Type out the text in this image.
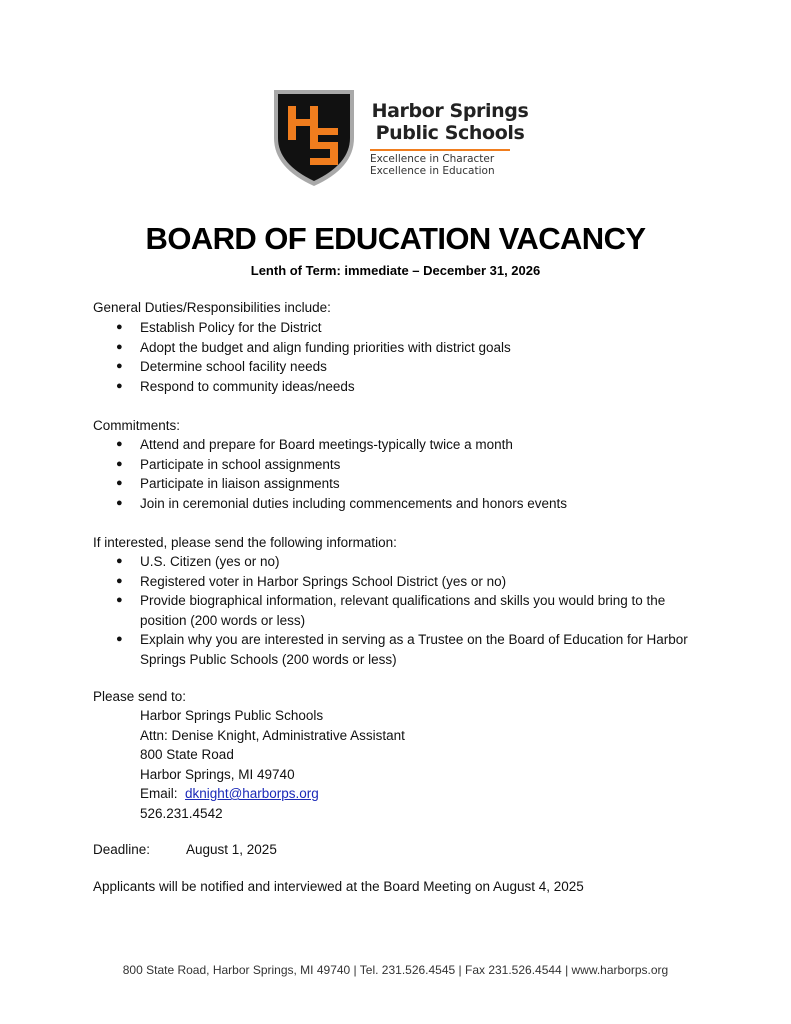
Harbor Springs
Public Schools
Excellence in Character
Excellence in Education
BOARD OF EDUCATION VACANCY
Lenth of Term: immediate – December 31, 2026
General Duties/Responsibilities include:
● Establish Policy for the District
● Adopt the budget and align funding priorities with district goals
● Determine school facility needs
● Respond to community ideas/needs
Commitments:
● Attend and prepare for Board meetings-typically twice a month
● Participate in school assignments
● Participate in liaison assignments
● Join in ceremonial duties including commencements and honors events
If interested, please send the following information:
● U.S. Citizen (yes or no)
● Registered voter in Harbor Springs School District (yes or no)
● Provide biographical information, relevant qualifications and skills you would bring to the position (200 words or less)
● Explain why you are interested in serving as a Trustee on the Board of Education for Harbor Springs Public Schools (200 words or less)
Please send to:
Harbor Springs Public Schools
Attn: Denise Knight, Administrative Assistant
800 State Road
Harbor Springs, MI 49740
Email: dknight@harborps.org
526.231.4542
Deadline:	August 1, 2025
Applicants will be notified and interviewed at the Board Meeting on August 4, 2025
800 State Road, Harbor Springs, MI 49740 | Tel. 231.526.4545 | Fax 231.526.4544 | www.harborps.org
